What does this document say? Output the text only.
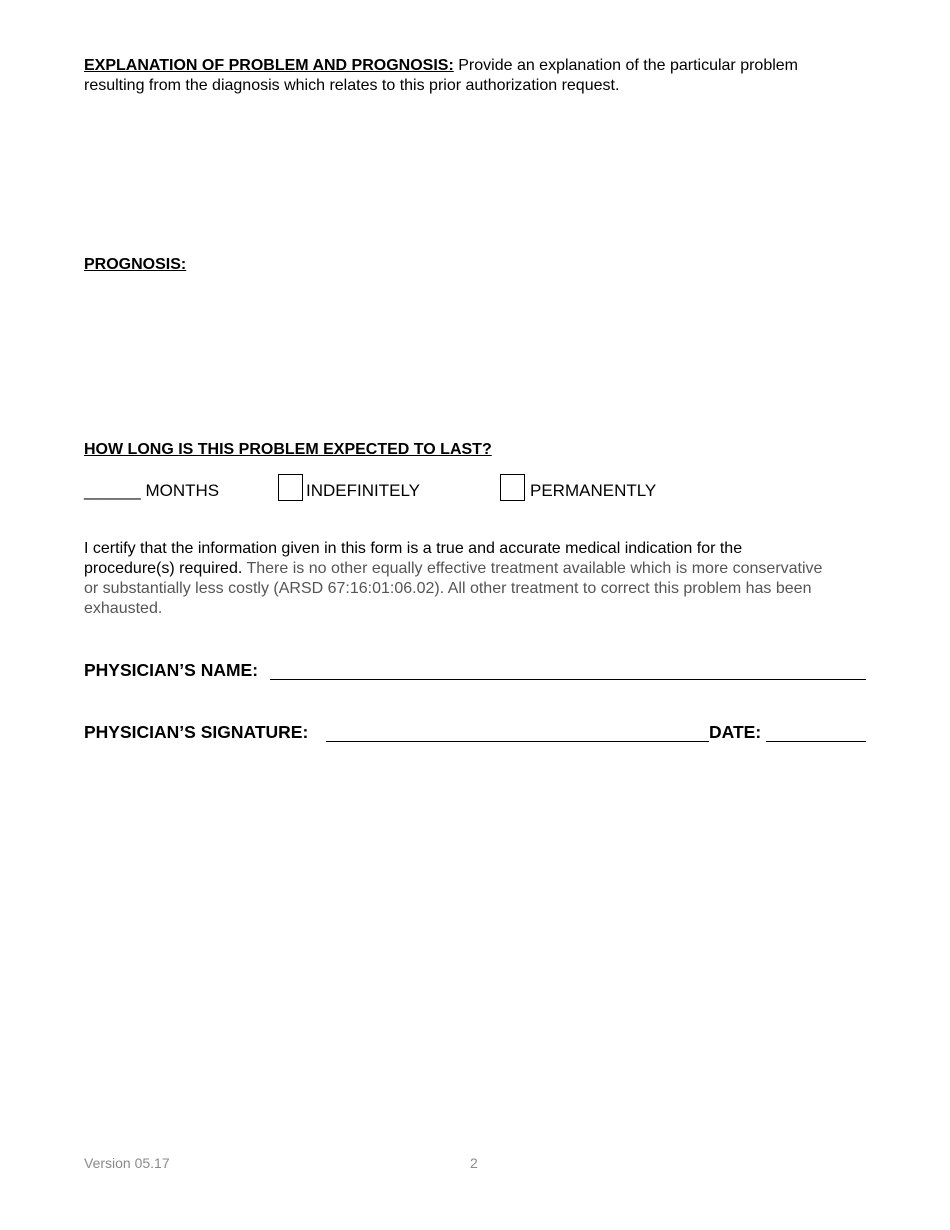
EXPLANATION OF PROBLEM AND PROGNOSIS: Provide an explanation of the particular problem resulting from the diagnosis which relates to this prior authorization request.
PROGNOSIS:
HOW LONG IS THIS PROBLEM EXPECTED TO LAST?
______ MONTHS	INDEFINITELY	PERMANENTLY
I certify that the information given in this form is a true and accurate medical indication for the procedure(s) required. There is no other equally effective treatment available which is more conservative or substantially less costly (ARSD 67:16:01:06.02). All other treatment to correct this problem has been exhausted.
PHYSICIAN’S NAME:
PHYSICIAN’S SIGNATURE:	DATE:
Version 05.17	2
